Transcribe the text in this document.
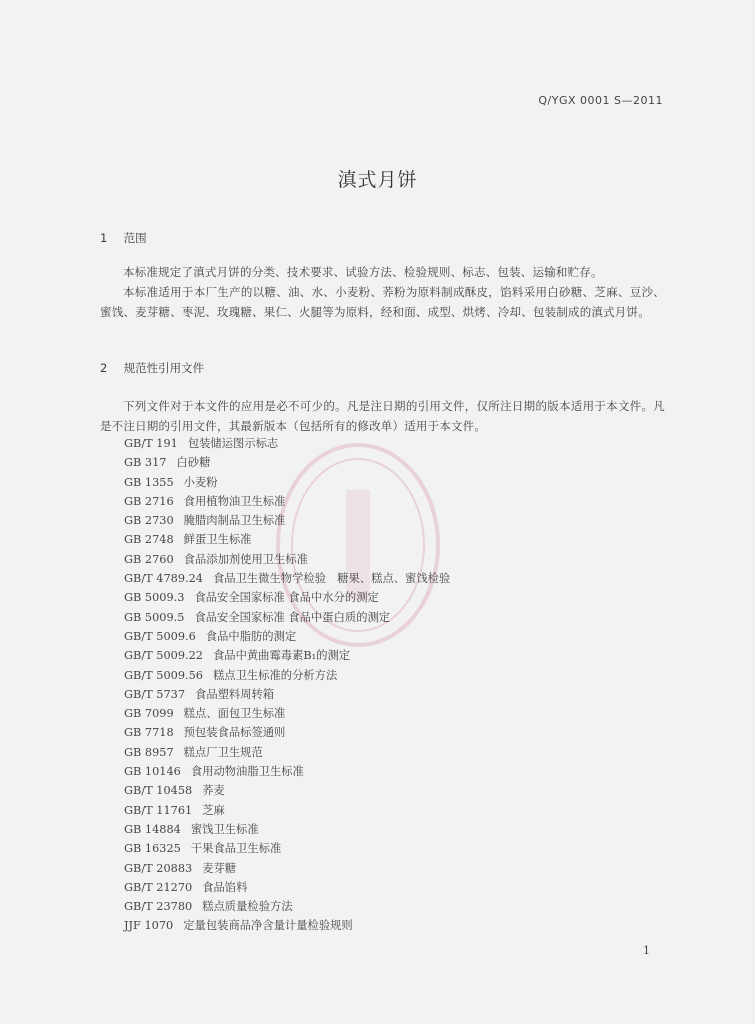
Q/YGX 0001 S—2011
滇式月饼
1 范围
本标准规定了滇式月饼的分类、技术要求、试验方法、检验规则、标志、包装、运输和贮存。
本标准适用于本厂生产的以糖、油、水、小麦粉、荞粉为原料制成酥皮，馅料采用白砂糖、芝麻、豆沙、蜜饯、麦芽糖、枣泥、玫瑰糖、果仁、火腿等为原料，经和面、成型、烘烤、冷却、包装制成的滇式月饼。
2 规范性引用文件
下列文件对于本文件的应用是必不可少的。凡是注日期的引用文件，仅所注日期的版本适用于本文件。凡是不注日期的引用文件，其最新版本（包括所有的修改单）适用于本文件。
GB/T 191 包装储运图示标志
GB 317 白砂糖
GB 1355 小麦粉
GB 2716 食用植物油卫生标准
GB 2730 腌腊肉制品卫生标准
GB 2748 鲜蛋卫生标准
GB 2760 食品添加剂使用卫生标准
GB/T 4789.24 食品卫生微生物学检验　糖果、糕点、蜜饯检验
GB 5009.3 食品安全国家标准 食品中水分的测定
GB 5009.5 食品安全国家标准 食品中蛋白质的测定
GB/T 5009.6 食品中脂肪的测定
GB/T 5009.22 食品中黄曲霉毒素B₁的测定
GB/T 5009.56 糕点卫生标准的分析方法
GB/T 5737 食品塑料周转箱
GB 7099 糕点、面包卫生标准
GB 7718 预包装食品标签通则
GB 8957 糕点厂卫生规范
GB 10146 食用动物油脂卫生标准
GB/T 10458 荞麦
GB/T 11761 芝麻
GB 14884 蜜饯卫生标准
GB 16325 干果食品卫生标准
GB/T 20883 麦芽糖
GB/T 21270 食品馅料
GB/T 23780 糕点质量检验方法
JJF 1070 定量包装商品净含量计量检验规则
1
